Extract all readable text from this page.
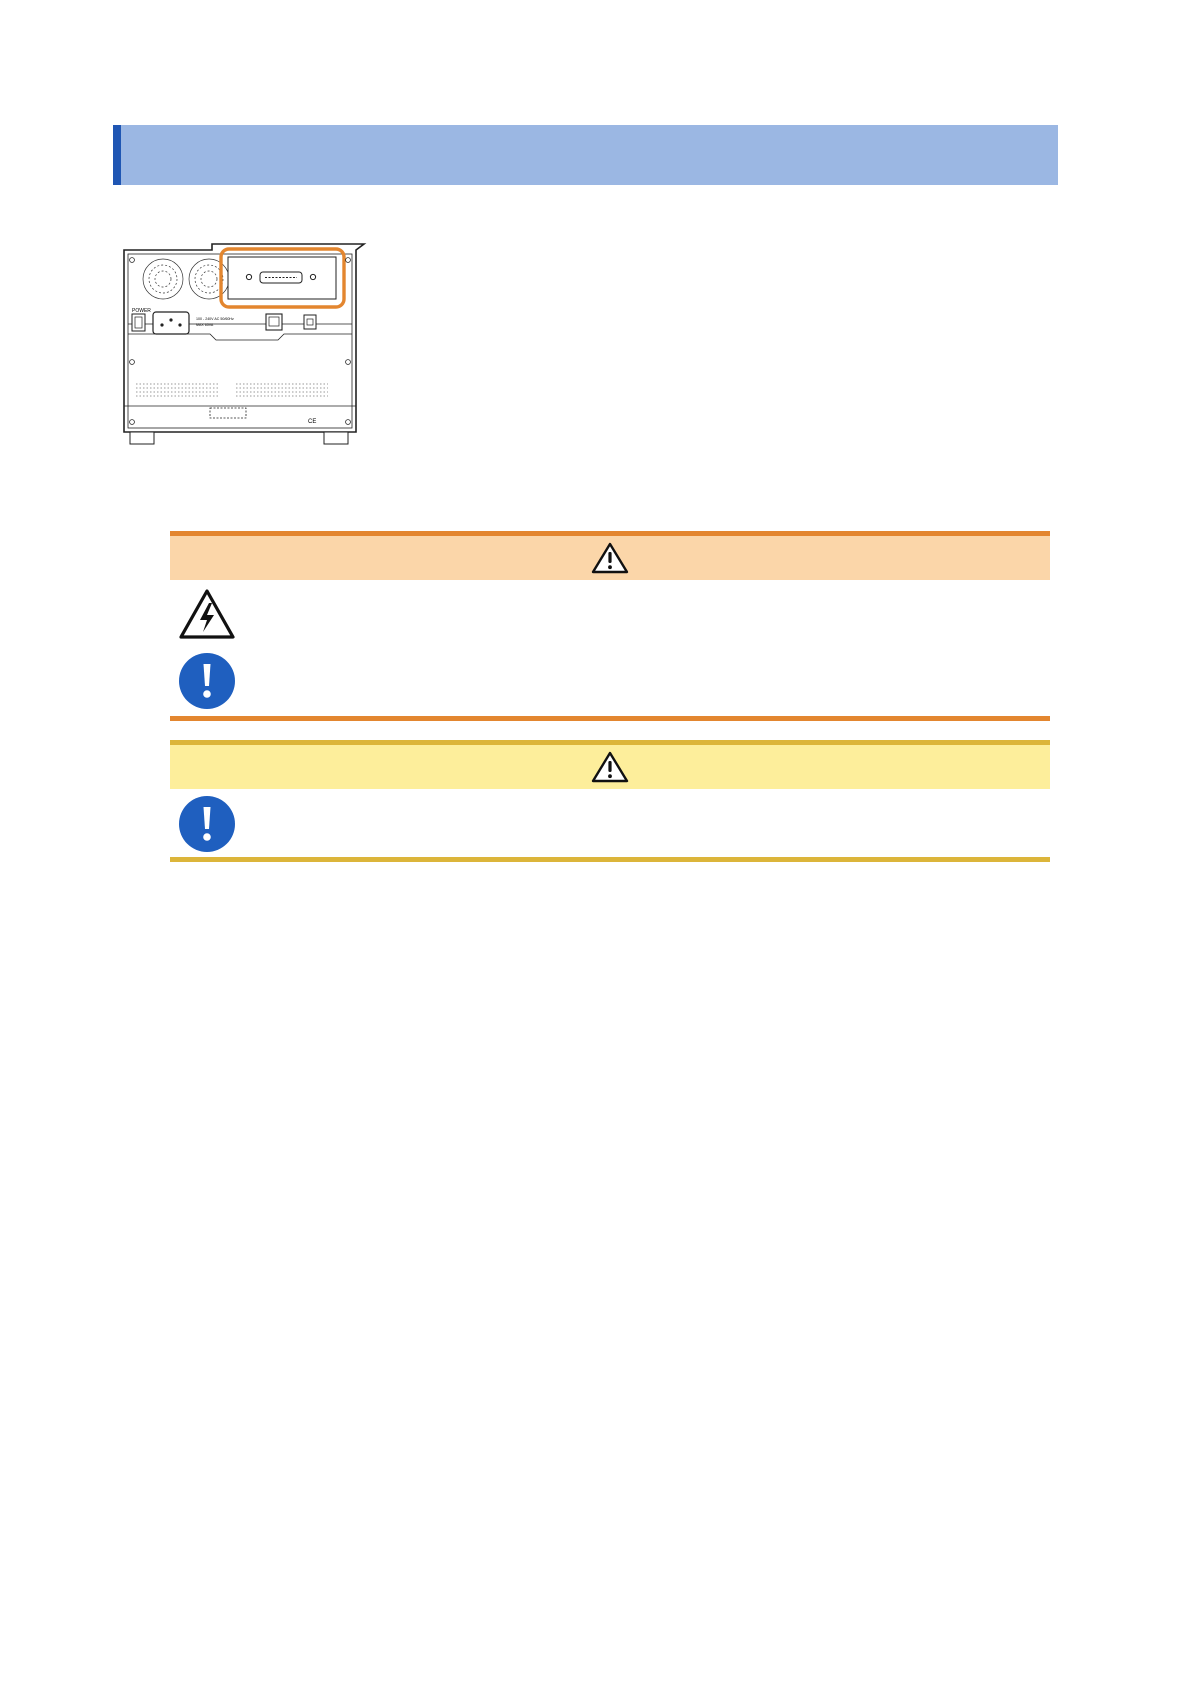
POWER
100 - 240V AC 50/60Hz
MAX 65VA
CE
